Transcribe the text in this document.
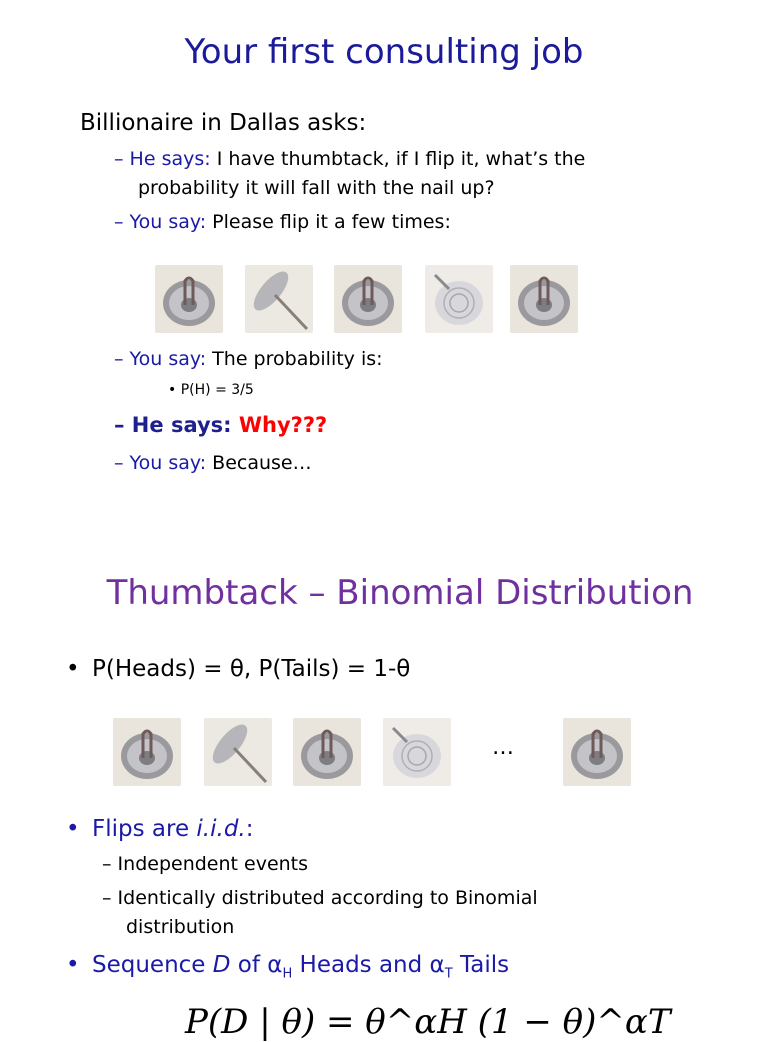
Your first consulting job
Billionaire in Dallas asks:
– He says: I have thumbtack, if I flip it, what’s the
probability it will fall with the nail up?
– You say: Please flip it a few times:
– You say: The probability is:
• P(H) = 3/5
– He says: Why???
– You say: Because…
Thumbtack – Binomial Distribution
• P(Heads) = θ, P(Tails) = 1-θ
…
• Flips are i.i.d.:
– Independent events
– Identically distributed according to Binomial
distribution
• Sequence D of $\alpha_H$ Heads and $\alpha_T$ Tails
P(D | θ) = θ^αH (1 − θ)^αT
